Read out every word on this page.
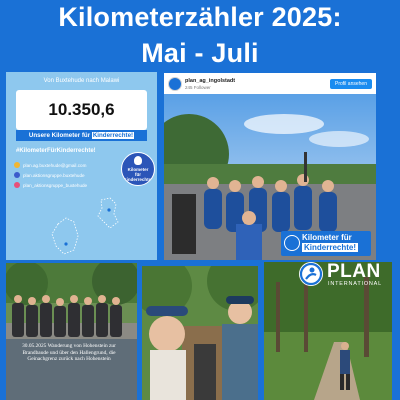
Kilometerzähler 2025:
Mai - Juli
Von Buxtehude nach Malawi
10.350,6
Unsere Kilometer für Kinderrechte!
#KilometerFürKinderrechte!
plan.ag.buxtehude@gmail.com
plan.aktionsgruppe.buxtehude
plan_aktionsgruppe_buxtehude
Kilometer
für
Kinderrechte!
plan_ag_ingolstadt
245 Follower
Profil ansehen
Kilometer für
Kinderrechte!
30.05.2025 Wanderung von Hohenstein zur Brandbaude und über den Hallengrund, die Geinachgrenz zurück nach Hohenstein
PLAN
INTERNATIONAL
